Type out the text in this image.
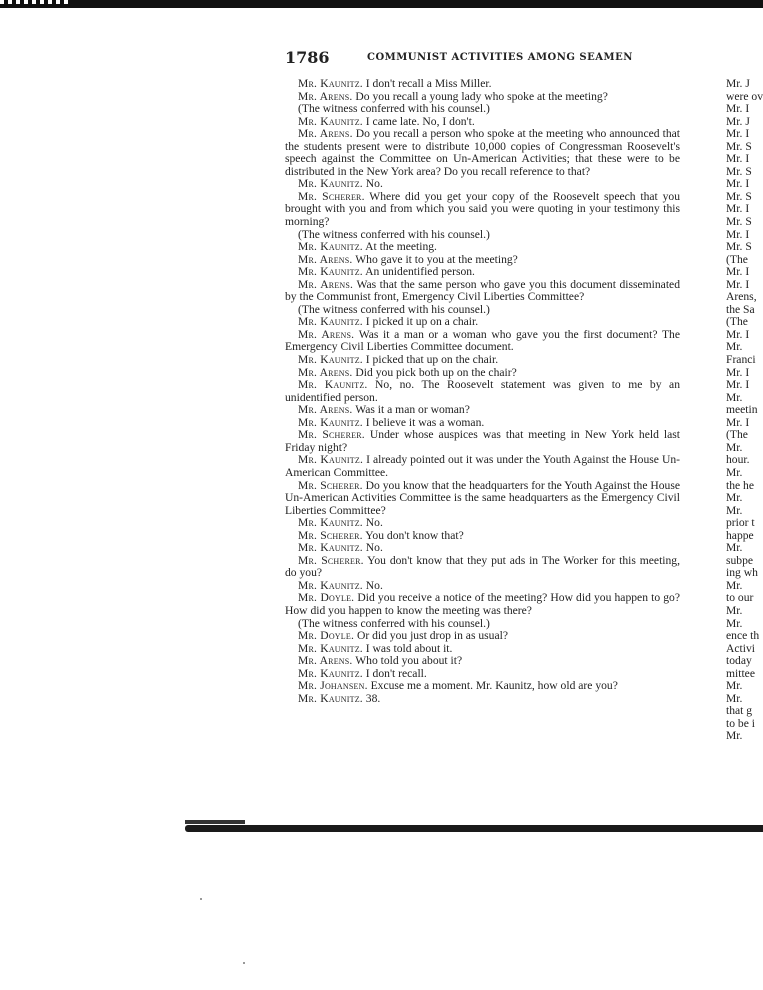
1786	COMMUNIST ACTIVITIES AMONG SEAMEN

Mr. Kaunitz. I don't recall a Miss Miller.

Mr. Arens. Do you recall a young lady who spoke at the meeting?

(The witness conferred with his counsel.)

Mr. Kaunitz. I came late. No, I don't.

Mr. Arens. Do you recall a person who spoke at the meeting who announced that the students present were to distribute 10,000 copies of Congressman Roosevelt's speech against the Committee on Un-American Activities; that these were to be distributed in the New York area? Do you recall reference to that?

Mr. Kaunitz. No.

Mr. Scherer. Where did you get your copy of the Roosevelt speech that you brought with you and from which you said you were quoting in your testimony this morning?

(The witness conferred with his counsel.)

Mr. Kaunitz. At the meeting.

Mr. Arens. Who gave it to you at the meeting?

Mr. Kaunitz. An unidentified person.

Mr. Arens. Was that the same person who gave you this document disseminated by the Communist front, Emergency Civil Liberties Committee?

(The witness conferred with his counsel.)

Mr. Kaunitz. I picked it up on a chair.

Mr. Arens. Was it a man or a woman who gave you the first document? The Emergency Civil Liberties Committee document.

Mr. Kaunitz. I picked that up on the chair.

Mr. Arens. Did you pick both up on the chair?

Mr. Kaunitz. No, no. The Roosevelt statement was given to me by an unidentified person.

Mr. Arens. Was it a man or woman?

Mr. Kaunitz. I believe it was a woman.

Mr. Scherer. Under whose auspices was that meeting in New York held last Friday night?

Mr. Kaunitz. I already pointed out it was under the Youth Against the House Un-American Committee.

Mr. Scherer. Do you know that the headquarters for the Youth Against the House Un-American Activities Committee is the same headquarters as the Emergency Civil Liberties Committee?

Mr. Kaunitz. No.

Mr. Scherer. You don't know that?

Mr. Kaunitz. No.

Mr. Scherer. You don't know that they put ads in The Worker for this meeting, do you?

Mr. Kaunitz. No.

Mr. Doyle. Did you receive a notice of the meeting? How did you happen to go? How did you happen to know the meeting was there?

(The witness conferred with his counsel.)

Mr. Doyle. Or did you just drop in as usual?

Mr. Kaunitz. I was told about it.

Mr. Arens. Who told you about it?

Mr. Kaunitz. I don't recall.

Mr. Johansen. Excuse me a moment. Mr. Kaunitz, how old are you?

Mr. Kaunitz. 38.

Mr. J
were ov
Mr. I
Mr. J
Mr. I
Mr. S
Mr. I
Mr. S
Mr. I
Mr. S
Mr. I
Mr. S
Mr. I
Mr. S
(The
Mr. I
Mr. I
Arens,
the Sa
(The
Mr. I
Mr.
Franci
Mr. I
Mr. I
Mr.
meetin
Mr. I
(The
Mr.
hour.
Mr.
the he
Mr.
Mr.
prior t
happe
Mr.
subpe
ing wh
Mr.
to our
Mr.
Mr.
ence th
Activi
today
mittee
Mr.
Mr.
that g
to be i
Mr.
